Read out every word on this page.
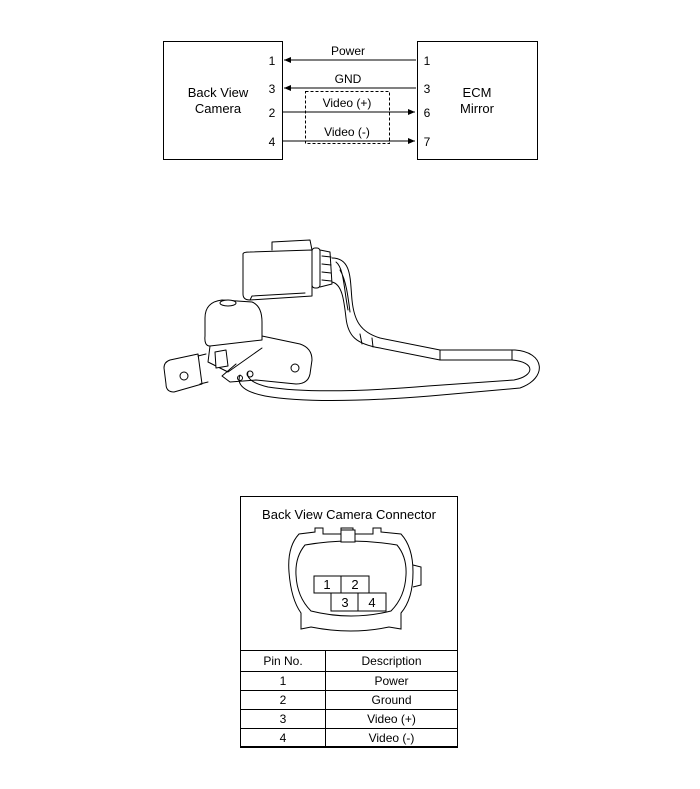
Back View
Camera
ECM
Mirror
Power
1	1
GND
3	3
Video (+)
2	6
Video (-)
4	7
Back View Camera Connector
1 2
3 4
Pin No.	Description
1	Power
2	Ground
3	Video (+)
4	Video (-)
